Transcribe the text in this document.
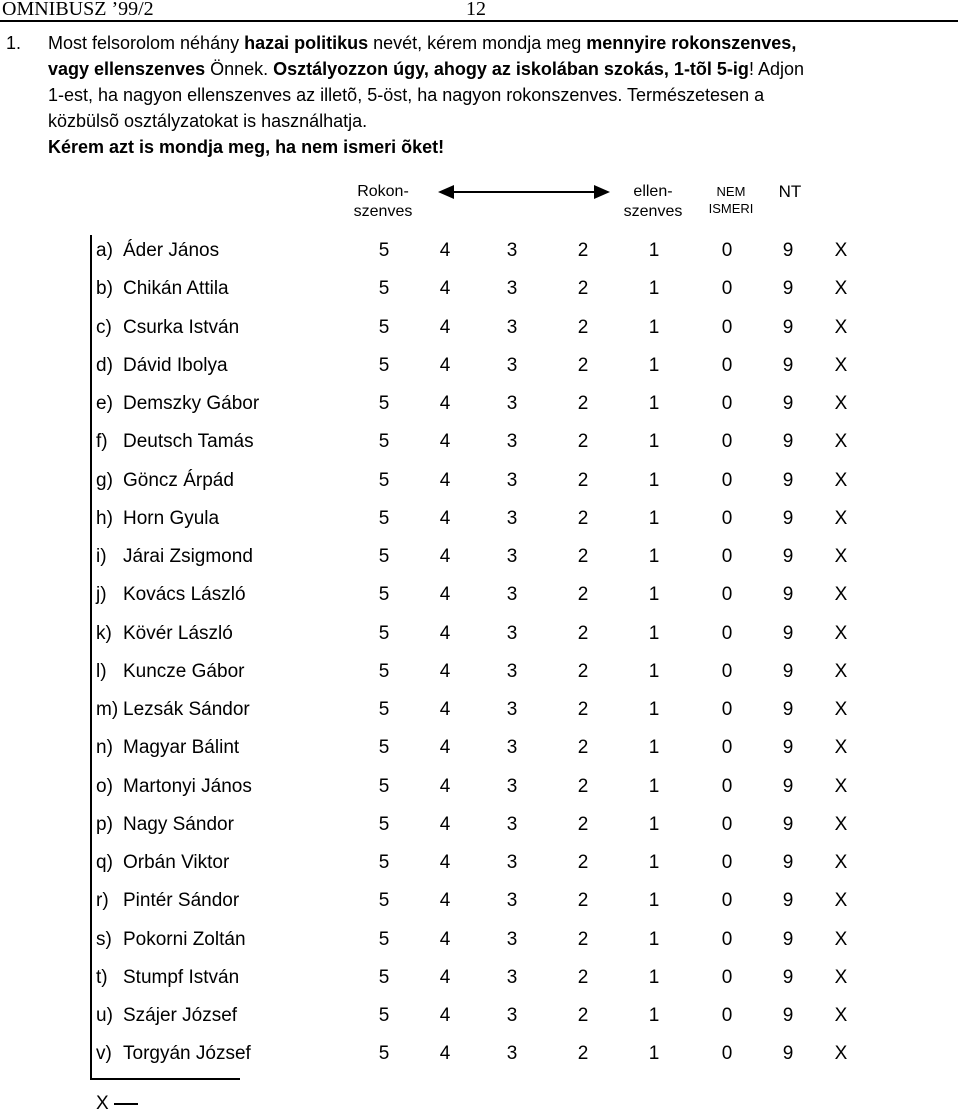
OMNIBUSZ ’99/2	12
1. Most felsorolom néhány hazai politikus nevét, kérem mondja meg mennyire rokonszenves,

vagy ellenszenves Önnek. Osztályozzon úgy, ahogy az iskolában szokás, 1-tõl 5-ig! Adjon

1-est, ha nagyon ellenszenves az illetõ, 5-öst, ha nagyon rokonszenves. Természetesen a

közbülsõ osztályzatokat is használhatja.

Kérem azt is mondja meg, ha nem ismeri õket!

Rokon-
szenves
ellen-
szenves
NEM
ISMERI
NT
a) Áder János	5	4	3	2	1	0	9 X
b) Chikán Attila	5	4	3	2	1	0	9 X
c) Csurka István	5	4	3	2	1	0	9 X
d) Dávid Ibolya	5	4	3	2	1	0	9 X
e) Demszky Gábor	5	4	3	2	1	0	9 X
f) Deutsch Tamás	5	4	3	2	1	0	9 X
g) Göncz Árpád	5	4	3	2	1	0	9 X
h) Horn Gyula	5	4	3	2	1	0	9 X
i) Járai Zsigmond	5	4	3	2	1	0	9 X
j) Kovács László	5	4	3	2	1	0	9 X
k) Kövér László	5	4	3	2	1	0	9 X
l) Kuncze Gábor	5	4	3	2	1	0	9 X
m) Lezsák Sándor	5	4	3	2	1	0	9 X
n) Magyar Bálint	5	4	3	2	1	0	9 X
o) Martonyi János	5	4	3	2	1	0	9 X
p) Nagy Sándor	5	4	3	2	1	0	9 X
q) Orbán Viktor	5	4	3	2	1	0	9 X
r) Pintér Sándor	5	4	3	2	1	0	9 X
s) Pokorni Zoltán	5	4	3	2	1	0	9 X
t) Stumpf István	5	4	3	2	1	0	9 X
u) Szájer József	5	4	3	2	1	0	9 X
v) Torgyán József	5	4	3	2	1	0	9 X
X
